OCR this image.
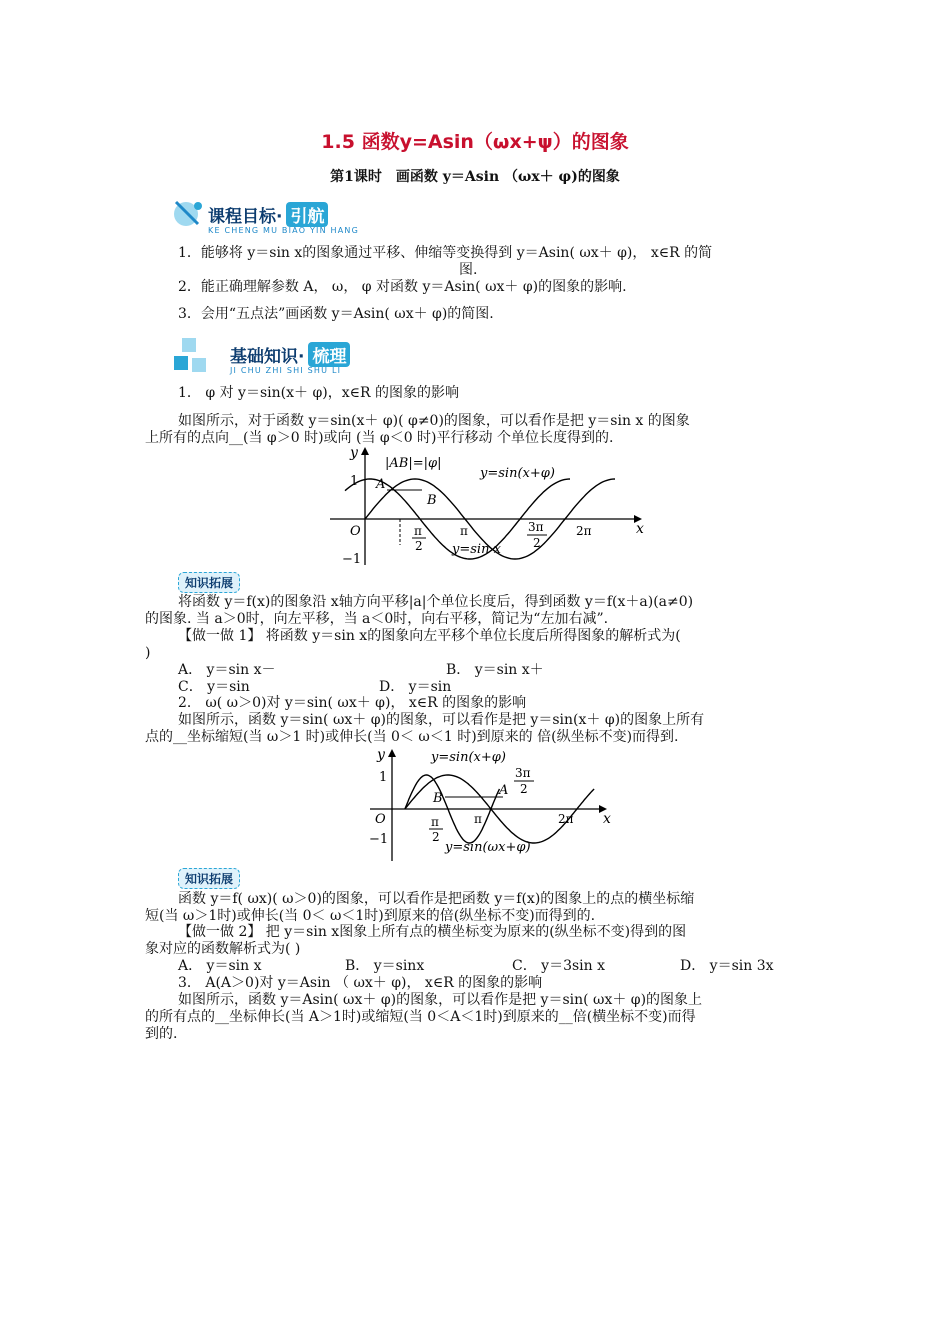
1.5 函数y=Asin（ωx+ψ）的图象
第1课时　画函数 y＝Asin （ωx＋ φ)的图象
课程目标· 引航
KE CHENG MU BIAO YIN HANG
1．能够将 y＝sin x的图象通过平移、伸缩等变换得到 y＝Asin( ωx＋ φ)， x∈R 的简
图.
2．能正确理解参数 A， ω， φ 对函数 y＝Asin( ωx＋ φ)的图象的影响.
3．会用“五点法”画函数 y＝Asin( ωx＋ φ)的简图.
基础知识· 梳理
JI CHU ZHI SHI SHU LI
1． φ 对 y＝sin(x＋ φ)，x∈R 的图象的影响
如图所示，对于函数 y＝sin(x＋ φ)( φ≠0)的图象，可以看作是把 y＝sin x 的图象
上所有的点向__(当 φ＞0 时)或向 (当 φ＜0 时)平行移动 个单位长度得到的.
y
x
1
−1
O	π
2
π	3π
2
2π
|AB|=|φ|
A
B
y=sin(x+φ)
y=sin x
知识拓展
将函数 y＝f(x)的图象沿 x轴方向平移|a|个单位长度后，得到函数 y＝f(x＋a)(a≠0)
的图象. 当 a＞0时，向左平移，当 a＜0时，向右平移，简记为“左加右减”.
【做一做 1】 将函数 y＝sin x的图象向左平移个单位长度后所得图象的解析式为(
)
A． y＝sin x－	B． y＝sin x＋
C． y＝sin	D． y＝sin
2． ω( ω＞0)对 y＝sin( ωx＋ φ)， x∈R 的图象的影响
如图所示，函数 y＝sin( ωx＋ φ)的图象，可以看作是把 y＝sin(x＋ φ)的图象上所有
点的__坐标缩短(当 ω＞1 时)或伸长(当 0＜ ω＜1 时)到原来的 倍(纵坐标不变)而得到.
y
x
1
−1
O	π
2
π
3π
2
2π
A
B
y=sin(x+φ)
y=sin(ωx+φ)
知识拓展
函数 y＝f( ωx)( ω＞0)的图象，可以看作是把函数 y＝f(x)的图象上的点的横坐标缩
短(当 ω＞1时)或伸长(当 0＜ ω＜1时)到原来的倍(纵坐标不变)而得到的.
【做一做 2】 把 y＝sin x图象上所有点的横坐标变为原来的(纵坐标不变)得到的图
象对应的函数解析式为( )
A． y＝sin x	B． y＝sinx	C． y＝3sin x	D． y＝sin 3x
3． A(A＞0)对 y＝Asin （ ωx＋ φ)， x∈R 的图象的影响
如图所示，函数 y＝Asin( ωx＋ φ)的图象，可以看作是把 y＝sin( ωx＋ φ)的图象上
的所有点的__坐标伸长(当 A＞1时)或缩短(当 0＜A＜1时)到原来的__倍(横坐标不变)而得
到的.
